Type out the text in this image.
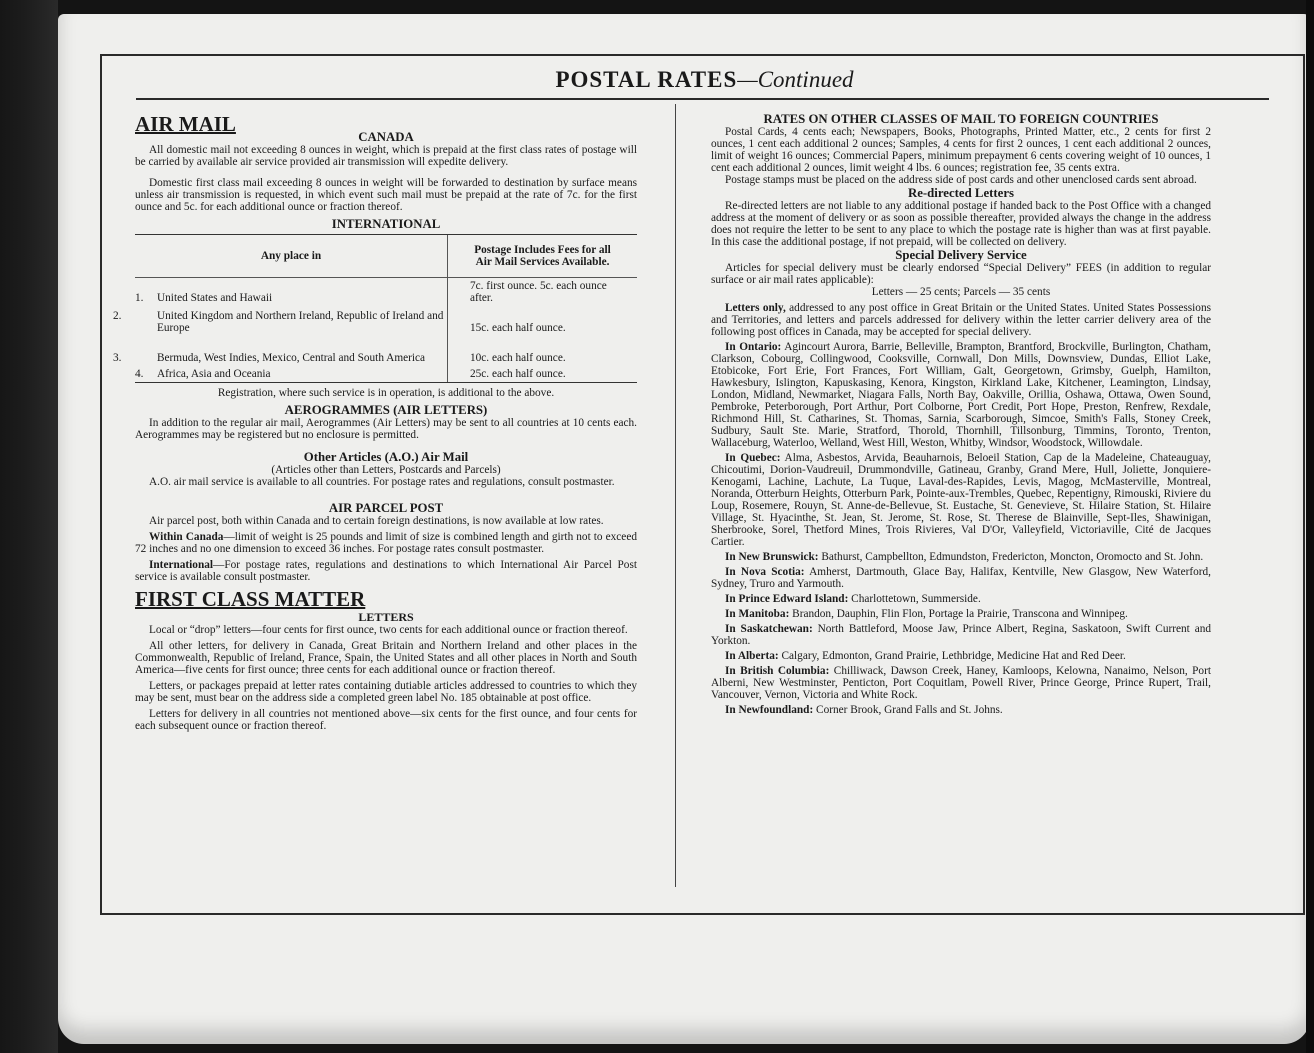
POSTAL RATES—Continued
AIR MAIL
CANADA

All domestic mail not exceeding 8 ounces in weight, which is prepaid at the first class rates of postage will be carried by available air service provided air transmission will expedite delivery.

Domestic first class mail exceeding 8 ounces in weight will be forwarded to destination by surface means unless air transmission is requested, in which event such mail must be prepaid at the rate of 7c. for the first ounce and 5c. for each additional ounce or fraction thereof.

INTERNATIONAL
Any place in	Postage Includes Fees for all Air Mail Services Available.
1. United States and Hawaii	7c. first ounce. 5c. each ounce after.
2. United Kingdom and Northern Ireland, Republic of Ireland and Europe	15c. each half ounce.
3. Bermuda, West Indies, Mexico, Central and South America	10c. each half ounce.
4. Africa, Asia and Oceania	25c. each half ounce.
Registration, where such service is in operation, is additional to the above.
AEROGRAMMES (AIR LETTERS)

In addition to the regular air mail, Aerogrammes (Air Letters) may be sent to all countries at 10 cents each. Aerogrammes may be registered but no enclosure is permitted.

Other Articles (A.O.) Air Mail
(Articles other than Letters, Postcards and Parcels)

A.O. air mail service is available to all countries. For postage rates and regulations, consult postmaster.

AIR PARCEL POST

Air parcel post, both within Canada and to certain foreign destinations, is now available at low rates.

Within Canada—limit of weight is 25 pounds and limit of size is combined length and girth not to exceed 72 inches and no one dimension to exceed 36 inches. For postage rates consult postmaster.

International—For postage rates, regulations and destinations to which International Air Parcel Post service is available consult postmaster.

FIRST CLASS MATTER
LETTERS

Local or “drop” letters—four cents for first ounce, two cents for each additional ounce or fraction thereof.

All other letters, for delivery in Canada, Great Britain and Northern Ireland and other places in the Commonwealth, Republic of Ireland, France, Spain, the United States and all other places in North and South America—five cents for first ounce; three cents for each additional ounce or fraction thereof.

Letters, or packages prepaid at letter rates containing dutiable articles addressed to countries to which they may be sent, must bear on the address side a completed green label No. 185 obtainable at post office.

Letters for delivery in all countries not mentioned above—six cents for the first ounce, and four cents for each subsequent ounce or fraction thereof.

RATES ON OTHER CLASSES OF MAIL TO FOREIGN COUNTRIES

Postal Cards, 4 cents each; Newspapers, Books, Photographs, Printed Matter, etc., 2 cents for first 2 ounces, 1 cent each additional 2 ounces; Samples, 4 cents for first 2 ounces, 1 cent each additional 2 ounces, limit of weight 16 ounces; Commercial Papers, minimum prepayment 6 cents covering weight of 10 ounces, 1 cent each additional 2 ounces, limit weight 4 lbs. 6 ounces; registration fee, 35 cents extra.

Postage stamps must be placed on the address side of post cards and other unenclosed cards sent abroad.

Re-directed Letters

Re-directed letters are not liable to any additional postage if handed back to the Post Office with a changed address at the moment of delivery or as soon as possible thereafter, provided always the change in the address does not require the letter to be sent to any place to which the postage rate is higher than was at first payable. In this case the additional postage, if not prepaid, will be collected on delivery.

Special Delivery Service

Articles for special delivery must be clearly endorsed “Special Delivery” FEES (in addition to regular surface or air mail rates applicable):

Letters — 25 cents; Parcels — 35 cents

Letters only, addressed to any post office in Great Britain or the United States. United States Possessions and Territories, and letters and parcels addressed for delivery within the letter carrier delivery area of the following post offices in Canada, may be accepted for special delivery.

In Ontario: Agincourt Aurora, Barrie, Belleville, Brampton, Brantford, Brockville, Burlington, Chatham, Clarkson, Cobourg, Collingwood, Cooksville, Cornwall, Don Mills, Downsview, Dundas, Elliot Lake, Etobicoke, Fort Erie, Fort Frances, Fort William, Galt, Georgetown, Grimsby, Guelph, Hamilton, Hawkesbury, Islington, Kapuskasing, Kenora, Kingston, Kirkland Lake, Kitchener, Leamington, Lindsay, London, Midland, Newmarket, Niagara Falls, North Bay, Oakville, Orillia, Oshawa, Ottawa, Owen Sound, Pembroke, Peterborough, Port Arthur, Port Colborne, Port Credit, Port Hope, Preston, Renfrew, Rexdale, Richmond Hill, St. Catharines, St. Thomas, Sarnia, Scarborough, Simcoe, Smith's Falls, Stoney Creek, Sudbury, Sault Ste. Marie, Stratford, Thorold, Thornhill, Tillsonburg, Timmins, Toronto, Trenton, Wallaceburg, Waterloo, Welland, West Hill, Weston, Whitby, Windsor, Woodstock, Willowdale.

In Quebec: Alma, Asbestos, Arvida, Beauharnois, Beloeil Station, Cap de la Madeleine, Chateauguay, Chicoutimi, Dorion-Vaudreuil, Drummondville, Gatineau, Granby, Grand Mere, Hull, Joliette, Jonquiere-Kenogami, Lachine, Lachute, La Tuque, Laval-des-Rapides, Levis, Magog, McMasterville, Montreal, Noranda, Otterburn Heights, Otterburn Park, Pointe-aux-Trembles, Quebec, Repentigny, Rimouski, Riviere du Loup, Rosemere, Rouyn, St. Anne-de-Bellevue, St. Eustache, St. Genevieve, St. Hilaire Station, St. Hilaire Village, St. Hyacinthe, St. Jean, St. Jerome, St. Rose, St. Therese de Blainville, Sept-Iles, Shawinigan, Sherbrooke, Sorel, Thetford Mines, Trois Rivieres, Val D'Or, Valleyfield, Victoriaville, Cité de Jacques Cartier.

In New Brunswick: Bathurst, Campbellton, Edmundston, Fredericton, Moncton, Oromocto and St. John.

In Nova Scotia: Amherst, Dartmouth, Glace Bay, Halifax, Kentville, New Glasgow, New Waterford, Sydney, Truro and Yarmouth.

In Prince Edward Island: Charlottetown, Summerside.

In Manitoba: Brandon, Dauphin, Flin Flon, Portage la Prairie, Transcona and Winnipeg.

In Saskatchewan: North Battleford, Moose Jaw, Prince Albert, Regina, Saskatoon, Swift Current and Yorkton.

In Alberta: Calgary, Edmonton, Grand Prairie, Lethbridge, Medicine Hat and Red Deer.

In British Columbia: Chilliwack, Dawson Creek, Haney, Kamloops, Kelowna, Nanaimo, Nelson, Port Alberni, New Westminster, Penticton, Port Coquitlam, Powell River, Prince George, Prince Rupert, Trail, Vancouver, Vernon, Victoria and White Rock.

In Newfoundland: Corner Brook, Grand Falls and St. Johns.
